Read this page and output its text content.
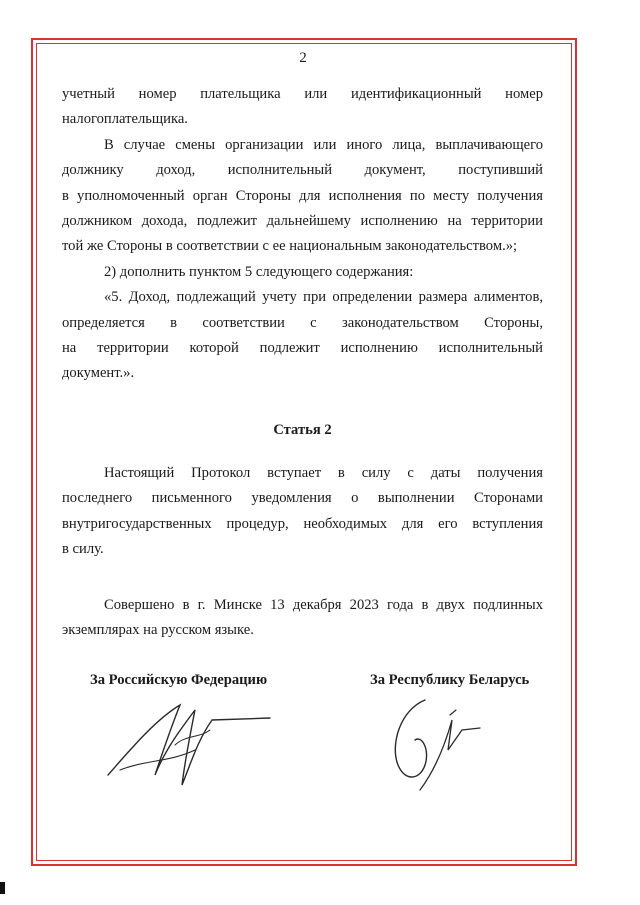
2

учетный номер плательщика или идентификационный номер

налогоплательщика.

В случае смены организации или иного лица, выплачивающего

должнику доход, исполнительный документ, поступивший

в уполномоченный орган Стороны для исполнения по месту получения

должником дохода, подлежит дальнейшему исполнению на территории

той же Стороны в соответствии с ее национальным законодательством.»;

2) дополнить пунктом 5 следующего содержания:

«5. Доход, подлежащий учету при определении размера алиментов,

определяется в соответствии с законодательством Стороны,

на территории которой подлежит исполнению исполнительный

документ.».

Статья 2

Настоящий Протокол вступает в силу с даты получения

последнего письменного уведомления о выполнении Сторонами

внутригосударственных процедур, необходимых для его вступления

в силу.

Совершено в г. Минске 13 декабря 2023 года в двух подлинных

экземплярах на русском языке.

За Российскую Федерацию	За Республику Беларусь
